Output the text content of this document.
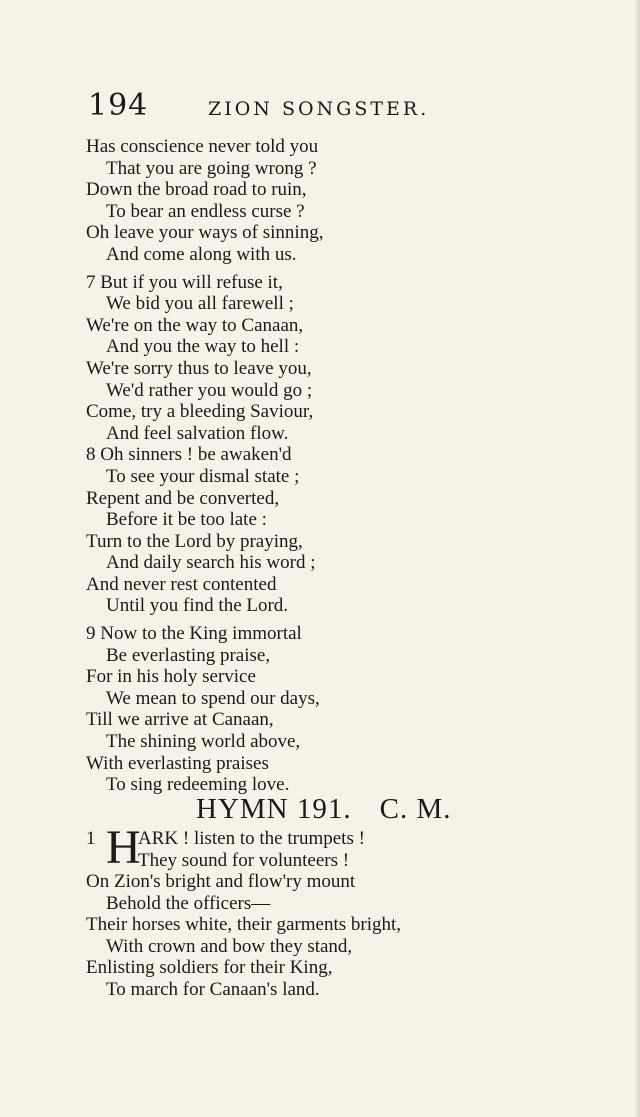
194	ZION SONGSTER.
Has conscience never told you
That you are going wrong ?
Down the broad road to ruin,
To bear an endless curse ?
Oh leave your ways of sinning,
And come along with us.
7 But if you will refuse it,
We bid you all farewell ;
We're on the way to Canaan,
And you the way to hell :
We're sorry thus to leave you,
We'd rather you would go ;
Come, try a bleeding Saviour,
And feel salvation flow.
8 Oh sinners ! be awaken'd
To see your dismal state ;
Repent and be converted,
Before it be too late :
Turn to the Lord by praying,
And daily search his word ;
And never rest contented
Until you find the Lord.
9 Now to the King immortal
Be everlasting praise,
For in his holy service
We mean to spend our days,
Till we arrive at Canaan,
The shining world above,
With everlasting praises
To sing redeeming love.
HYMN 191. C. M.
1 H
ARK ! listen to the trumpets !
They sound for volunteers !
On Zion's bright and flow'ry mount
Behold the officers—
Their horses white, their garments bright,
With crown and bow they stand,
Enlisting soldiers for their King,
To march for Canaan's land.
